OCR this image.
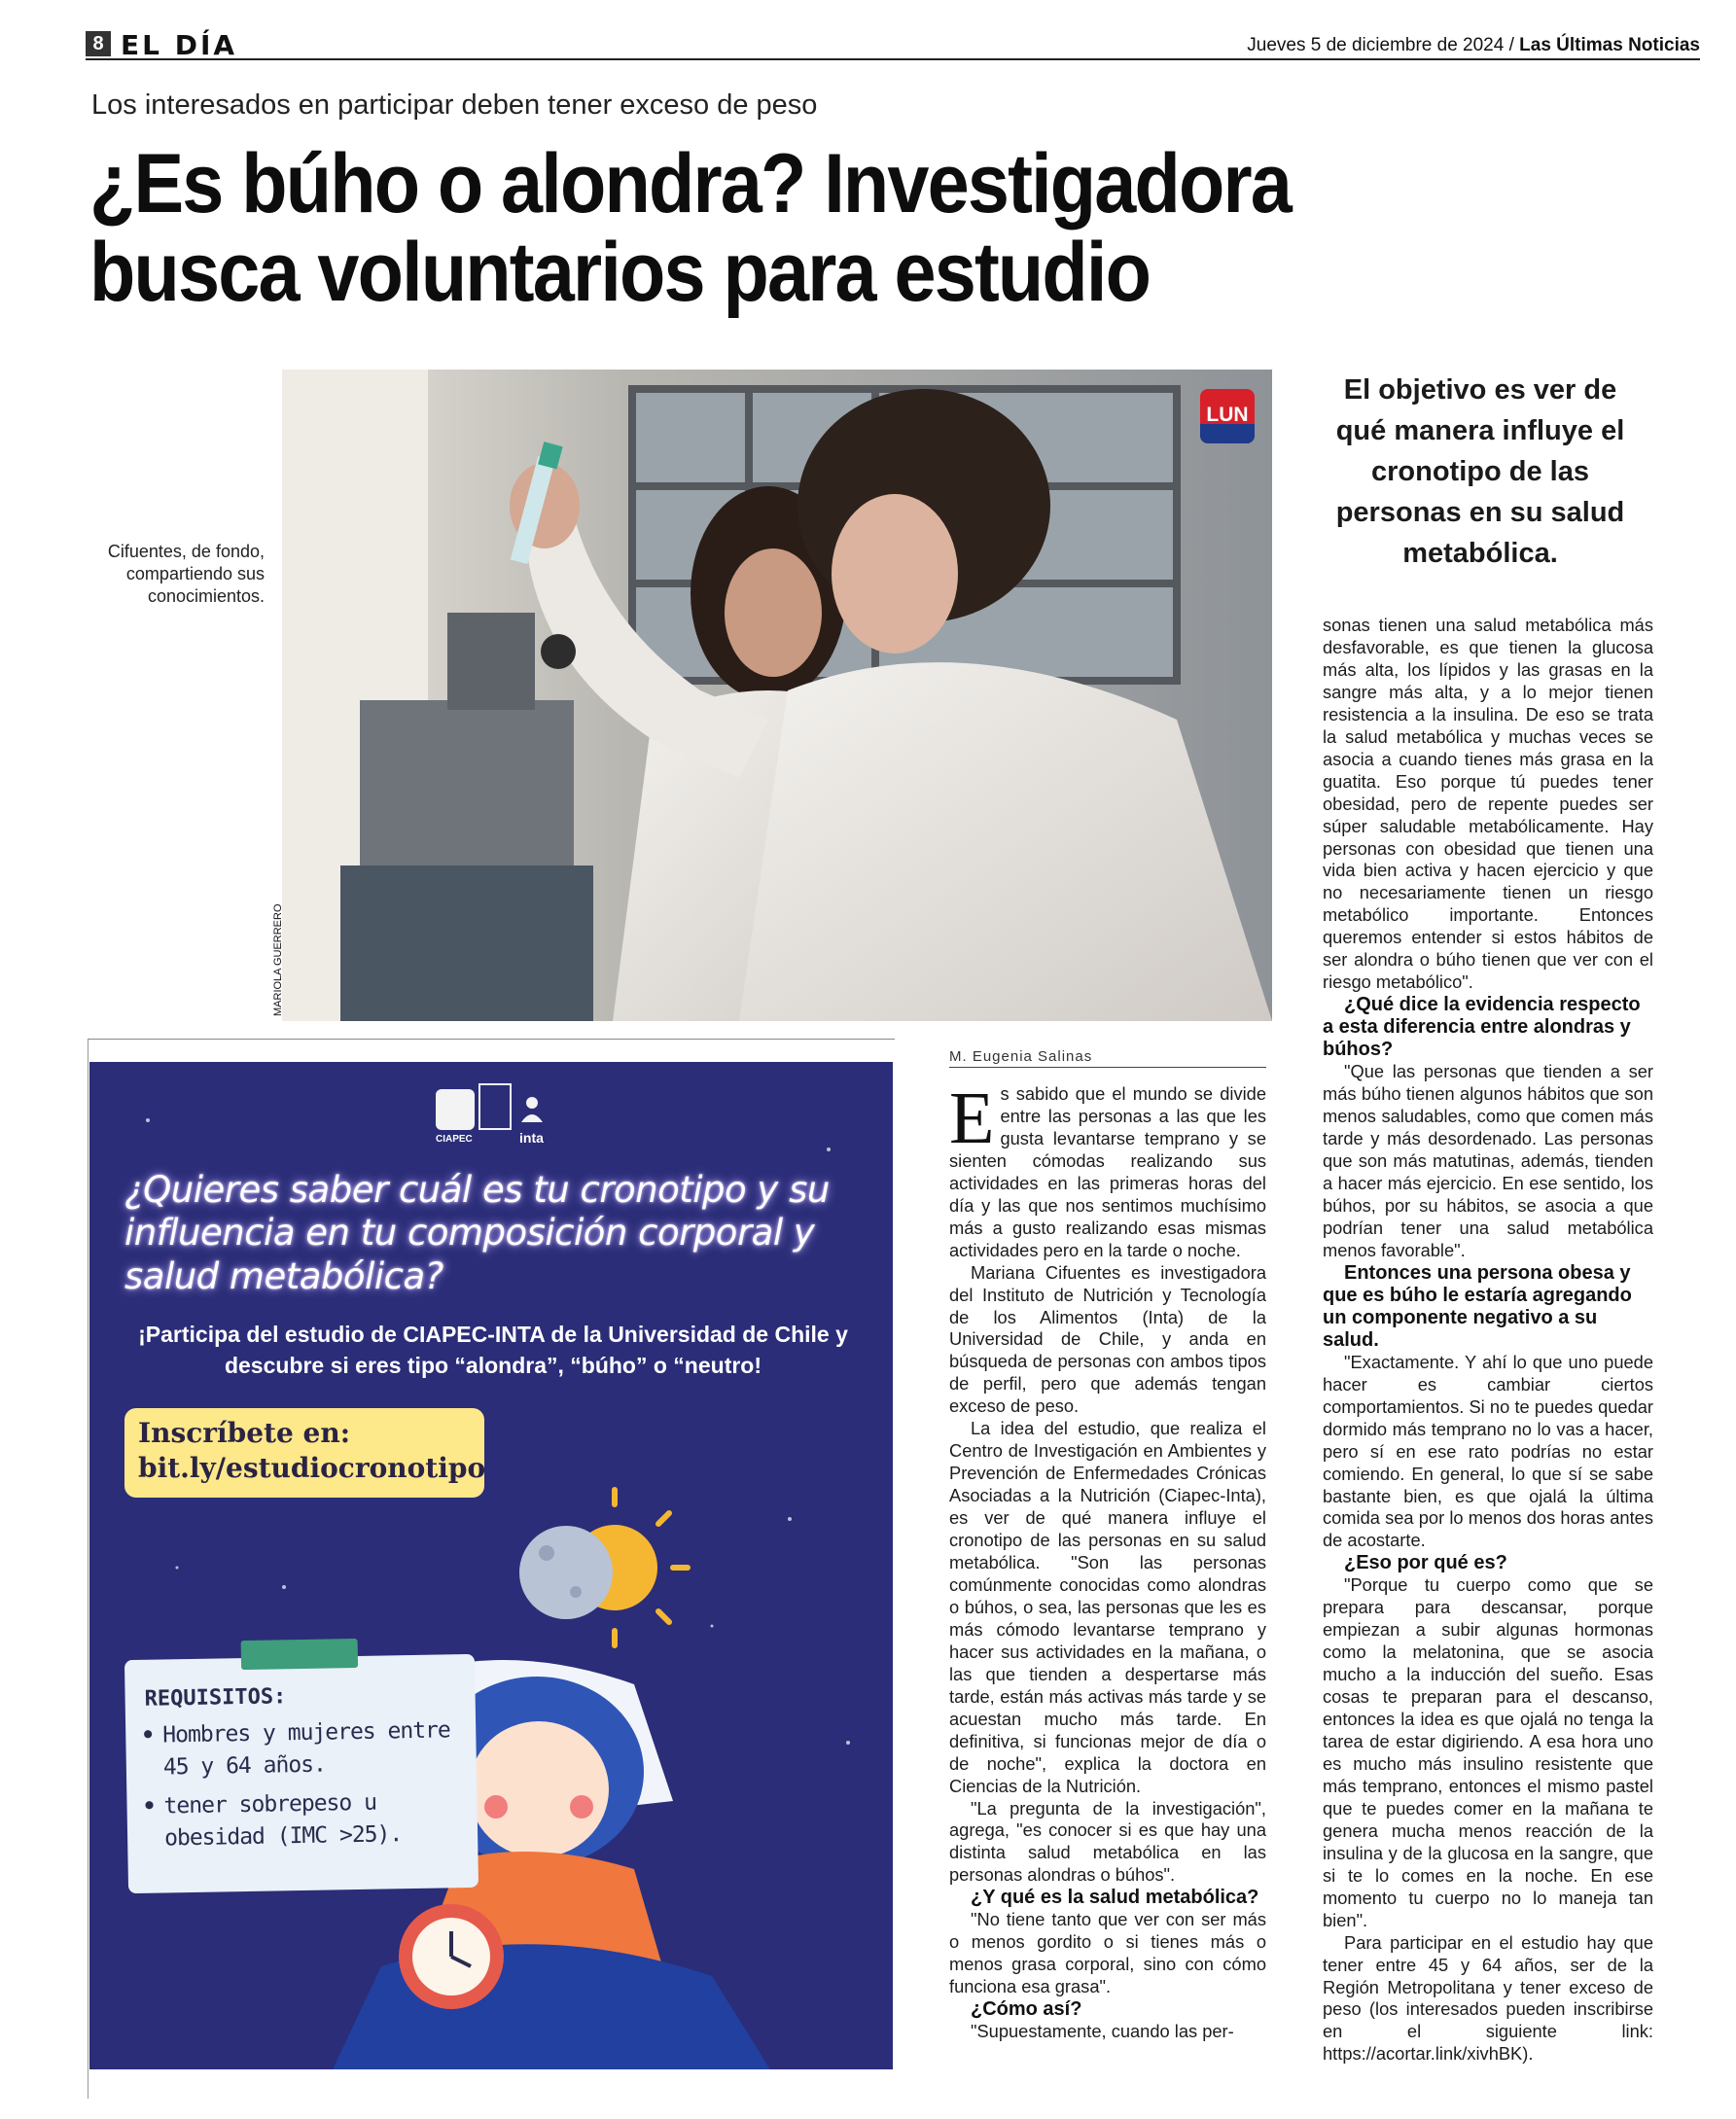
8 EL DÍA	Jueves 5 de diciembre de 2024 / Las Últimas Noticias
Los interesados en participar deben tener exceso de peso
¿Es búho o alondra? Investigadora
busca voluntarios para estudio
Cifuentes, de fondo, compartiendo sus conocimientos.
LUN
MARIOLA GUERRERO
El objetivo es ver de qué manera influye el cronotipo de las personas en su salud metabólica.
CIAPEC	inta
¿Quieres saber cuál es tu cronotipo y su influencia en tu composición corporal y salud metabólica?
¡Participa del estudio de CIAPEC-INTA de la Universidad de Chile y descubre si eres tipo “alondra”, “búho” o “neutro!
Inscríbete en:
bit.ly/estudiocronotipo
REQUISITOS:
• Hombres y mujeres entre 45 y 64 años.
• tener sobrepeso u obesidad (IMC >25).
M. Eugenia Salinas

Es sabido que el mundo se divide entre las personas a las que les gusta levantarse temprano y se sienten cómodas realizando sus actividades en las primeras horas del día y las que nos sentimos muchísimo más a gusto realizando esas mismas actividades pero en la tarde o noche.

Mariana Cifuentes es investigadora del Instituto de Nutrición y Tecnología de los Alimentos (Inta) de la Universidad de Chile, y anda en búsqueda de personas con ambos tipos de perfil, pero que además tengan exceso de peso.

La idea del estudio, que realiza el Centro de Investigación en Ambientes y Prevención de Enfermedades Crónicas Asociadas a la Nutrición (Ciapec-Inta), es ver de qué manera influye el cronotipo de las personas en su salud metabólica. "Son las personas comúnmente conocidas como alondras o búhos, o sea, las personas que les es más cómodo levantarse temprano y hacer sus actividades en la mañana, o las que tienden a despertarse más tarde, están más activas más tarde y se acuestan mucho más tarde. En definitiva, si funcionas mejor de día o de noche", explica la doctora en Ciencias de la Nutrición.

"La pregunta de la investigación", agrega, "es conocer si es que hay una distinta salud metabólica en las personas alondras o búhos".

¿Y qué es la salud metabólica?

"No tiene tanto que ver con ser más o menos gordito o si tienes más o menos grasa corporal, sino con cómo funciona esa grasa".

¿Cómo así?

"Supuestamente, cuando las per-

sonas tienen una salud metabólica más desfavorable, es que tienen la glucosa más alta, los lípidos y las grasas en la sangre más alta, y a lo mejor tienen resistencia a la insulina. De eso se trata la salud metabólica y muchas veces se asocia a cuando tienes más grasa en la guatita. Eso porque tú puedes tener obesidad, pero de repente puedes ser súper saludable metabólicamente. Hay personas con obesidad que tienen una vida bien activa y hacen ejercicio y que no necesariamente tienen un riesgo metabólico importante. Entonces queremos entender si estos hábitos de ser alondra o búho tienen que ver con el riesgo metabólico".

¿Qué dice la evidencia respecto a esta diferencia entre alondras y búhos?

"Que las personas que tienden a ser más búho tienen algunos hábitos que son menos saludables, como que comen más tarde y más desordenado. Las personas que son más matutinas, además, tienden a hacer más ejercicio. En ese sentido, los búhos, por su hábitos, se asocia a que podrían tener una salud metabólica menos favorable".

Entonces una persona obesa y que es búho le estaría agregando un componente negativo a su salud.

"Exactamente. Y ahí lo que uno puede hacer es cambiar ciertos comportamientos. Si no te puedes quedar dormido más temprano no lo vas a hacer, pero sí en ese rato podrías no estar comiendo. En general, lo que sí se sabe bastante bien, es que ojalá la última comida sea por lo menos dos horas antes de acostarte.

¿Eso por qué es?

"Porque tu cuerpo como que se prepara para descansar, porque empiezan a subir algunas hormonas como la melatonina, que se asocia mucho a la inducción del sueño. Esas cosas te preparan para el descanso, entonces la idea es que ojalá no tenga la tarea de estar digiriendo. A esa hora uno es mucho más insulino resistente que más temprano, entonces el mismo pastel que te puedes comer en la mañana te genera mucha menos reacción de la insulina y de la glucosa en la sangre, que si te lo comes en la noche. En ese momento tu cuerpo no lo maneja tan bien".

Para participar en el estudio hay que tener entre 45 y 64 años, ser de la Región Metropolitana y tener exceso de peso (los interesados pueden inscribirse en el siguiente link: https://acortar.link/xivhBK).
